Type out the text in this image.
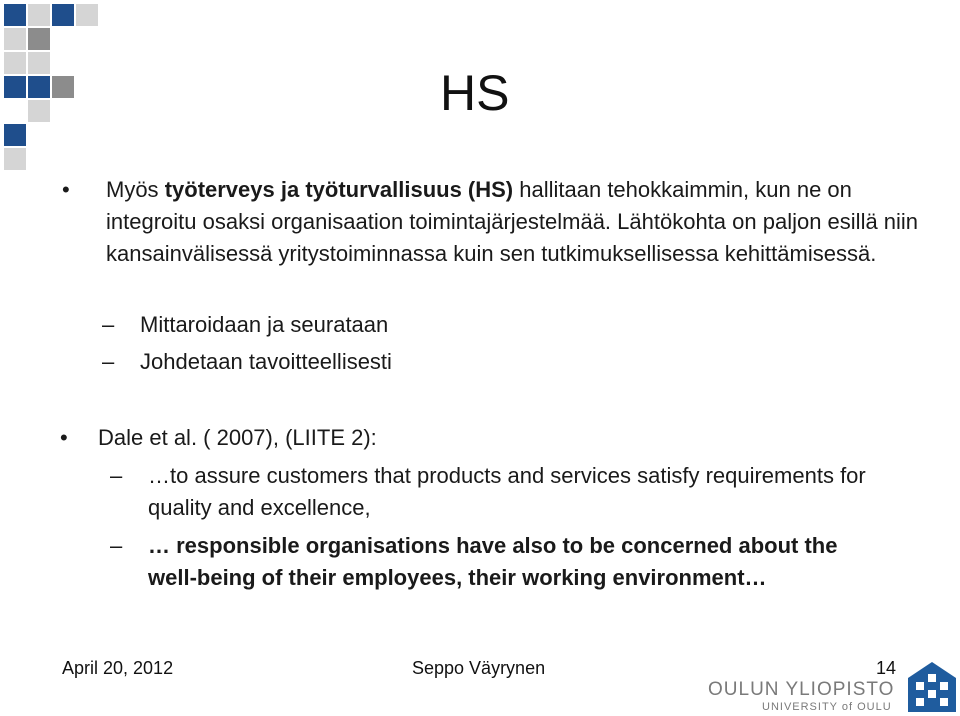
HS
• Myös työterveys ja työturvallisuus (HS) hallitaan tehokkaimmin, kun ne on integroitu osaksi organisaation toimintajärjestelmää. Lähtökohta on paljon esillä niin kansainvälisessä yritystoiminnassa kuin sen tutkimuksellisessa kehittämisessä.
– Mittaroidaan ja seurataan
– Johdetaan tavoitteellisesti
• Dale et al. ( 2007), (LIITE 2):
– …to assure customers that products and services satisfy requirements for quality and excellence,
– … responsible organisations have also to be concerned about the well-being of their employees, their working environment…
April 20, 2012	Seppo Väyrynen	14
OULUN YLIOPISTO
UNIVERSITY of OULU
